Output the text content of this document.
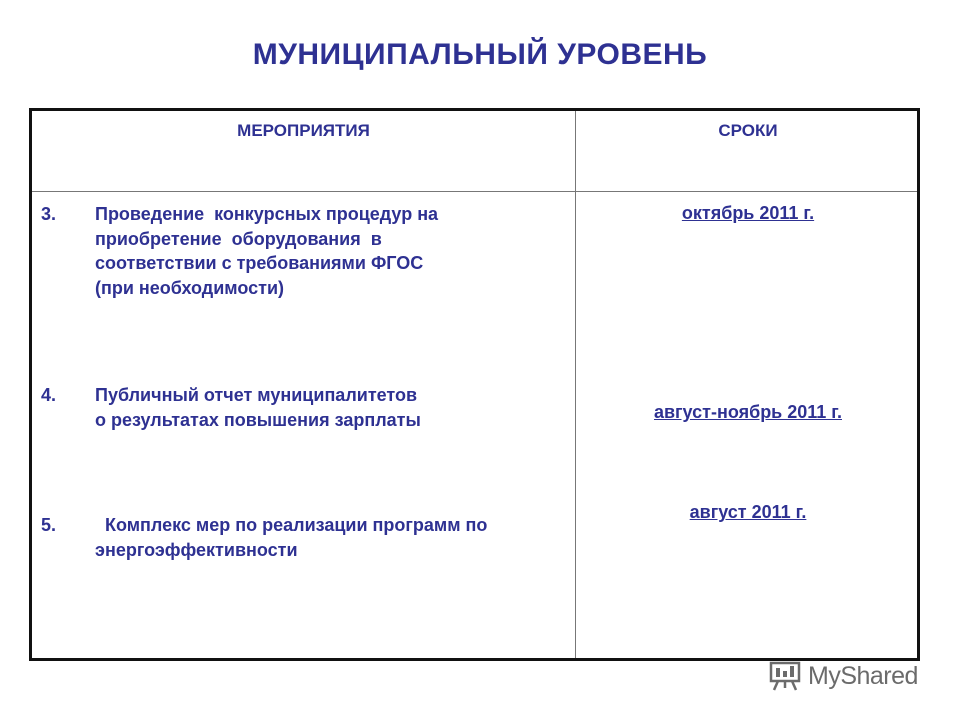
МУНИЦИПАЛЬНЫЙ УРОВЕНЬ
МЕРОПРИЯТИЯ	СРОКИ
3. Проведение  конкурсных процедур на
приобретение  оборудования  в
соответствии с требованиями ФГОС
(при необходимости)
октябрь 2011 г.
4. Публичный отчет муниципалитетов
о результатах повышения зарплаты	август-ноябрь 2011 г.
5. Комплекс мер по реализации программ по
энергоэффективности
август 2011 г.
MyShared
